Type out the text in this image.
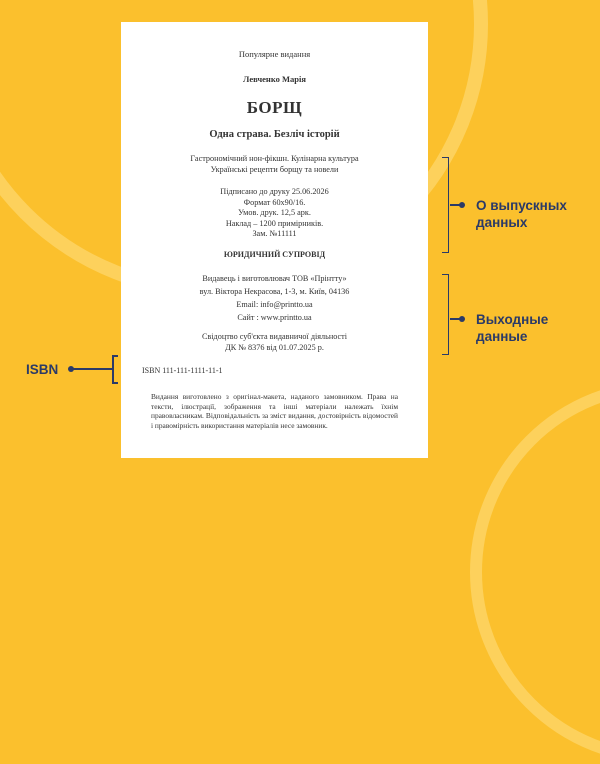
Популярне видання

Левченко Марія

БОРЩ

Одна страва. Безліч історій

Гастрономічний нон-фікшн. Кулінарна культура
Українські рецепти борщу та новели
Підписано до друку 25.06.2026
Формат 60х90/16.
Умов. друк. 12,5 арк.
Наклад – 1200 примірників.
Зам. №11111

ЮРИДИЧНИЙ СУПРОВІД

Видавець і виготовлювач ТОВ «Прінтту»
вул. Віктора Некрасова, 1-3, м. Київ, 04136
Email: info@printto.ua
Сайт : www.printto.ua
Свідоцтво суб'єкта видавничої діяльності
ДК № 8376 від 01.07.2025 р.

ISBN 111-111-1111-11-1

Видання виготовлено з оригінал-макета, наданого замовником. Права на тексти, ілюстрації, зображення та інші матеріали належать їхнім правовласникам. Відповідальність за зміст видання, достовірність відомостей і правомірність використання матеріалів несе замовник.

О выпускных данных
Выходные данные
ISBN
